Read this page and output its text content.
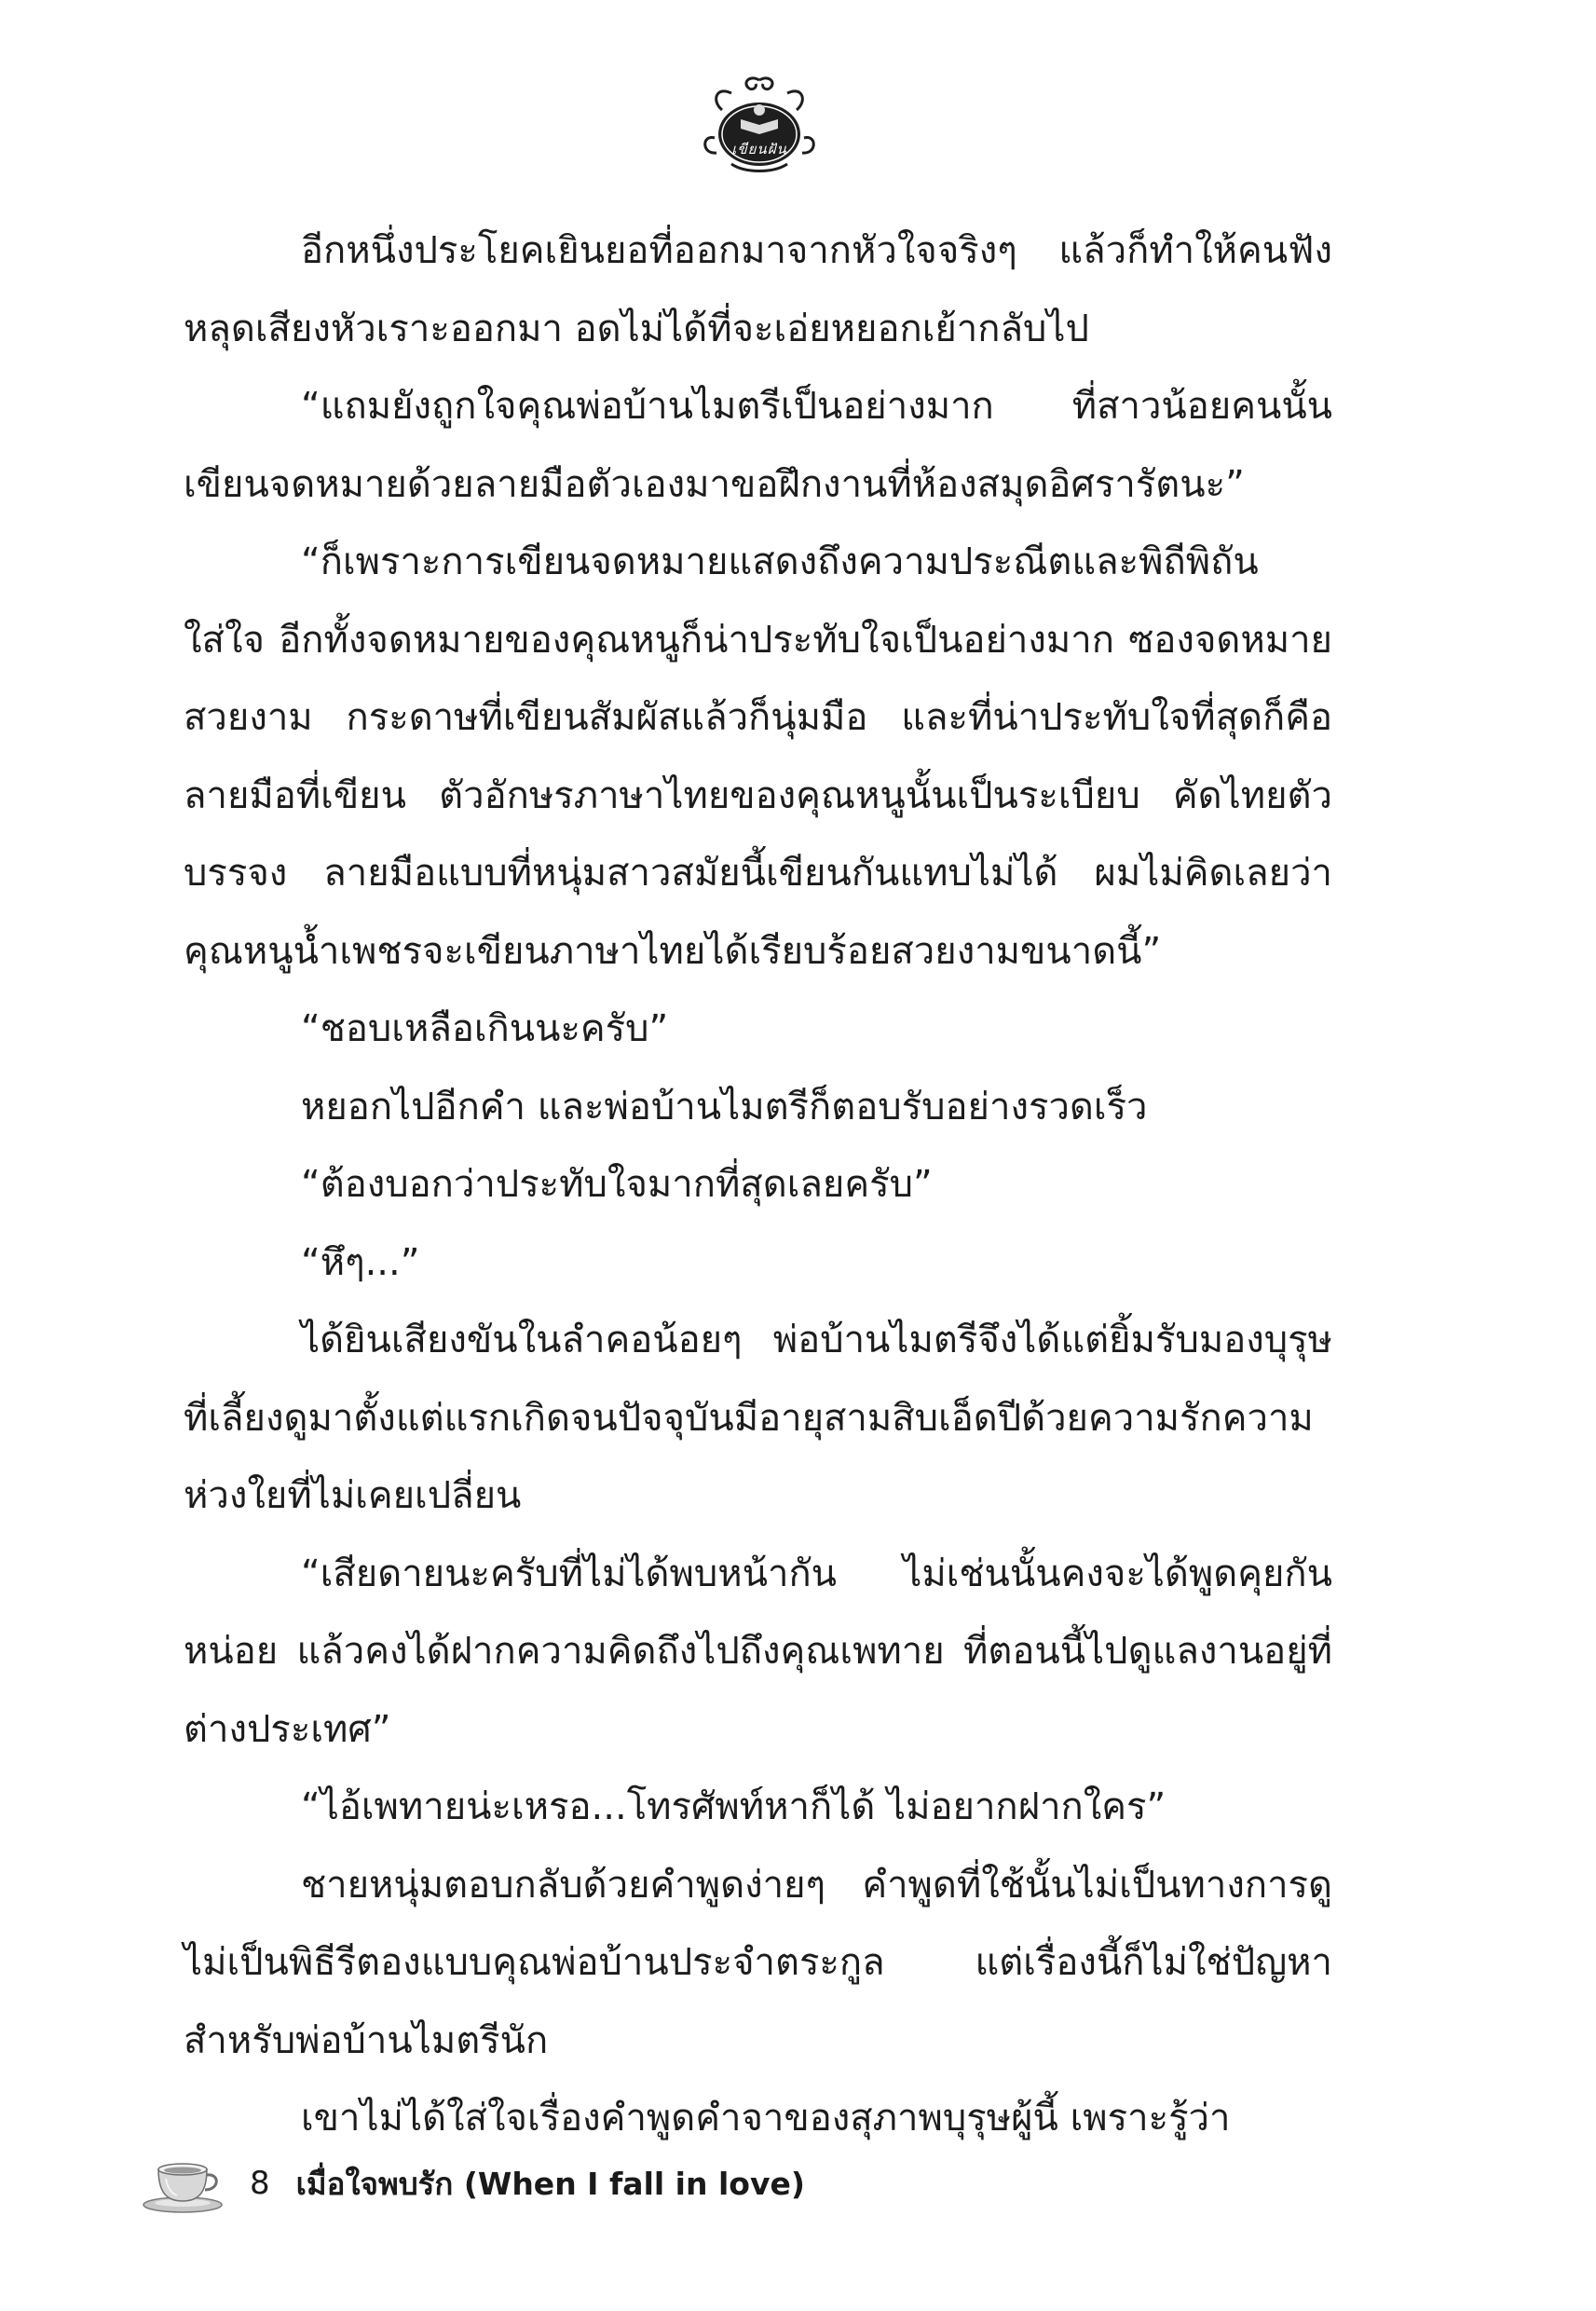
เขียนฝัน

อีกหนึ่งประโยคเยินยอที่ออกมาจากหัวใจจริงๆ แล้วก็ทำให้คนฟังหลุดเสียงหัวเราะออกมา อดไม่ได้ที่จะเอ่ยหยอกเย้ากลับไป

“แถมยังถูกใจคุณพ่อบ้านไมตรีเป็นอย่างมาก ที่สาวน้อยคนนั้นเขียนจดหมายด้วยลายมือตัวเองมาขอฝึกงานที่ห้องสมุดอิศรารัตนะ”

“ก็เพราะการเขียนจดหมายแสดงถึงความประณีตและพิถีพิถันใส่ใจ อีกทั้งจดหมายของคุณหนูก็น่าประทับใจเป็นอย่างมาก ซองจดหมายสวยงาม กระดาษที่เขียนสัมผัสแล้วก็นุ่มมือ และที่น่าประทับใจที่สุดก็คือลายมือที่เขียน ตัวอักษรภาษาไทยของคุณหนูนั้นเป็นระเบียบ คัดไทยตัวบรรจง ลายมือแบบที่หนุ่มสาวสมัยนี้เขียนกันแทบไม่ได้ ผมไม่คิดเลยว่าคุณหนูน้ำเพชรจะเขียนภาษาไทยได้เรียบร้อยสวยงามขนาดนี้”

“ชอบเหลือเกินนะครับ”

หยอกไปอีกคำ และพ่อบ้านไมตรีก็ตอบรับอย่างรวดเร็ว

“ต้องบอกว่าประทับใจมากที่สุดเลยครับ”

“หึๆ...”

ได้ยินเสียงขันในลำคอน้อยๆ พ่อบ้านไมตรีจึงได้แต่ยิ้มรับมองบุรุษที่เลี้ยงดูมาตั้งแต่แรกเกิดจนปัจจุบันมีอายุสามสิบเอ็ดปีด้วยความรักความห่วงใยที่ไม่เคยเปลี่ยน

“เสียดายนะครับที่ไม่ได้พบหน้ากัน ไม่เช่นนั้นคงจะได้พูดคุยกันหน่อย แล้วคงได้ฝากความคิดถึงไปถึงคุณเพทาย ที่ตอนนี้ไปดูแลงานอยู่ที่ต่างประเทศ”

“ไอ้เพทายน่ะเหรอ...โทรศัพท์หาก็ได้ ไม่อยากฝากใคร”

ชายหนุ่มตอบกลับด้วยคำพูดง่ายๆ คำพูดที่ใช้นั้นไม่เป็นทางการดูไม่เป็นพิธีรีตองแบบคุณพ่อบ้านประจำตระกูล แต่เรื่องนี้ก็ไม่ใช่ปัญหาสำหรับพ่อบ้านไมตรีนัก

เขาไม่ได้ใส่ใจเรื่องคำพูดคำจาของสุภาพบุรุษผู้นี้ เพราะรู้ว่า

8 เมื่อใจพบรัก (When I fall in love)
